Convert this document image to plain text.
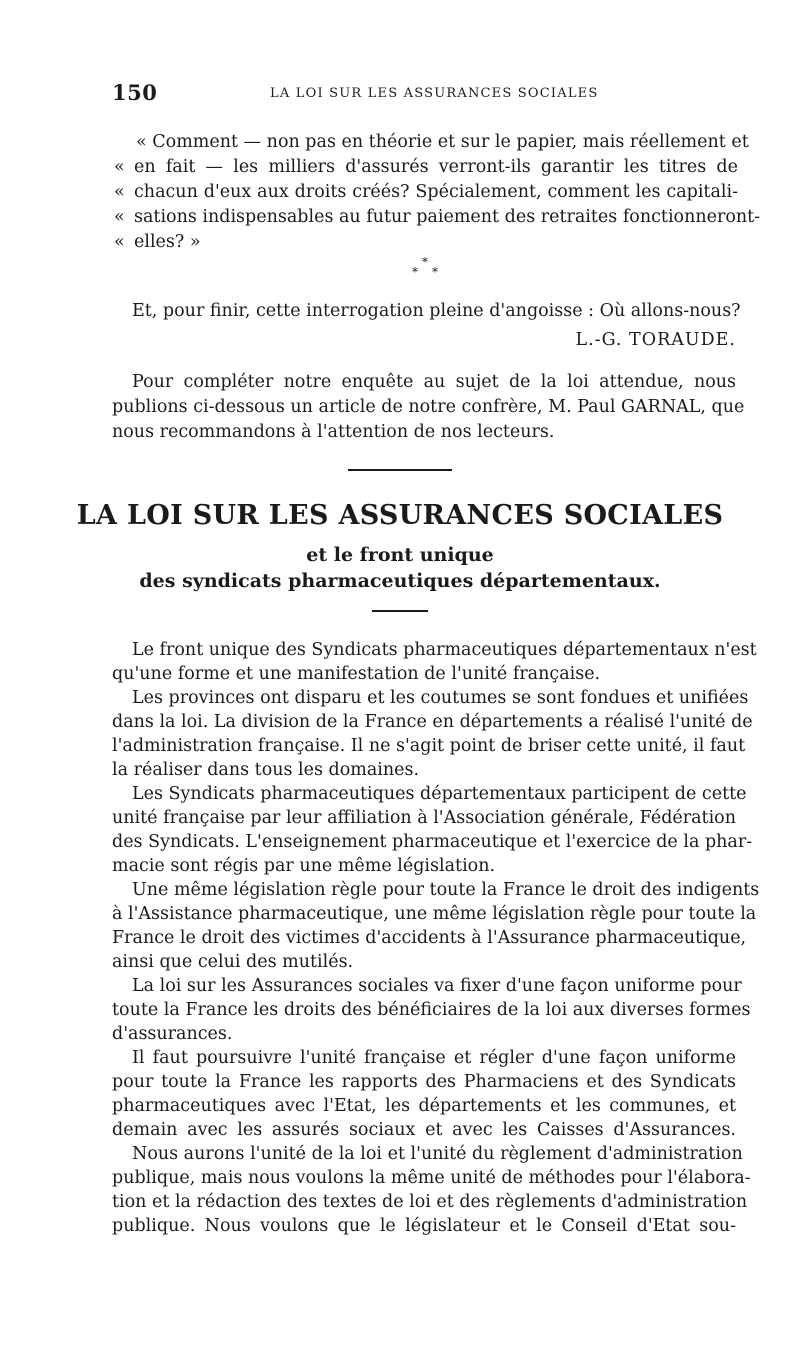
150	LA LOI SUR LES ASSURANCES SOCIALES
« Comment — non pas en théorie et sur le papier, mais réellement et
« en fait — les milliers d'assurés verront-ils garantir les titres de
« chacun d'eux aux droits créés? Spécialement, comment les capitali-
« sations indispensables au futur paiement des retraites fonctionneront-
« elles? »
*
* *
Et, pour finir, cette interrogation pleine d'angoisse : Où allons-nous?
L.-G. TORAUDE.
Pour compléter notre enquête au sujet de la loi attendue, nous
publions ci-dessous un article de notre confrère, M. Paul GARNAL, que
nous recommandons à l'attention de nos lecteurs.
LA LOI SUR LES ASSURANCES SOCIALES
et le front unique
des syndicats pharmaceutiques départementaux.
Le front unique des Syndicats pharmaceutiques départementaux n'est
qu'une forme et une manifestation de l'unité française.
Les provinces ont disparu et les coutumes se sont fondues et unifiées
dans la loi. La division de la France en départements a réalisé l'unité de
l'administration française. Il ne s'agit point de briser cette unité, il faut
la réaliser dans tous les domaines.
Les Syndicats pharmaceutiques départementaux participent de cette
unité française par leur affiliation à l'Association générale, Fédération
des Syndicats. L'enseignement pharmaceutique et l'exercice de la phar-
macie sont régis par une même législation.
Une même législation règle pour toute la France le droit des indigents
à l'Assistance pharmaceutique, une même législation règle pour toute la
France le droit des victimes d'accidents à l'Assurance pharmaceutique,
ainsi que celui des mutilés.
La loi sur les Assurances sociales va fixer d'une façon uniforme pour
toute la France les droits des bénéficiaires de la loi aux diverses formes
d'assurances.
Il faut poursuivre l'unité française et régler d'une façon uniforme
pour toute la France les rapports des Pharmaciens et des Syndicats
pharmaceutiques avec l'Etat, les départements et les communes, et
demain avec les assurés sociaux et avec les Caisses d'Assurances.
Nous aurons l'unité de la loi et l'unité du règlement d'administration
publique, mais nous voulons la même unité de méthodes pour l'élabora-
tion et la rédaction des textes de loi et des règlements d'administration
publique. Nous voulons que le législateur et le Conseil d'Etat sou-
